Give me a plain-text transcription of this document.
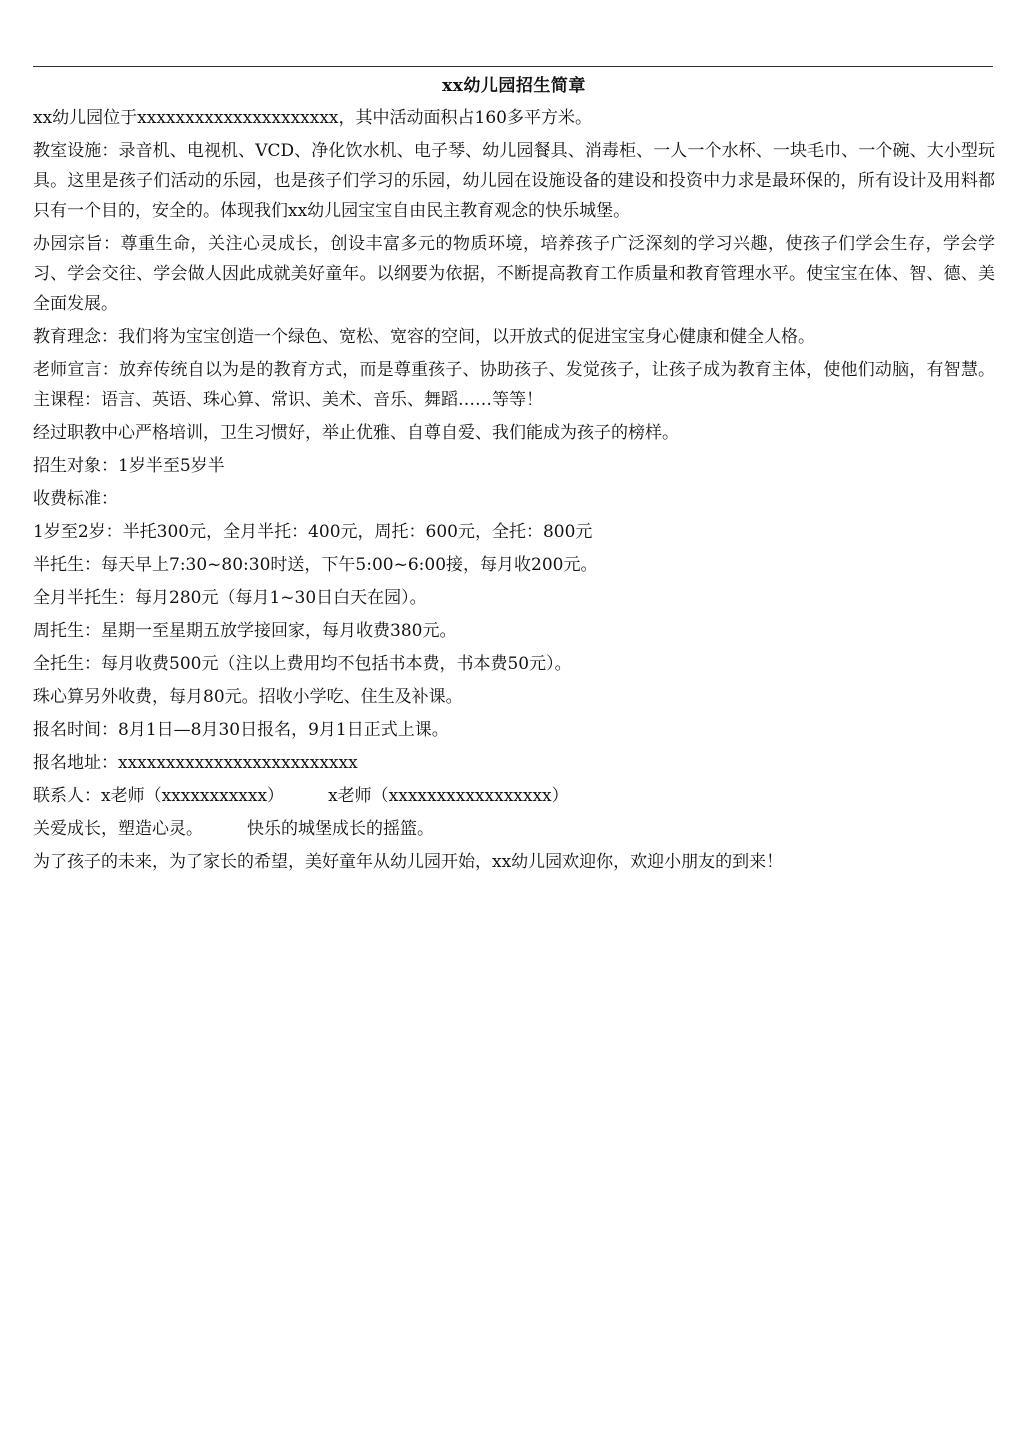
xx幼儿园招生简章

xx幼儿园位于xxxxxxxxxxxxxxxxxxxxx，其中活动面积占160多平方米。

教室设施：录音机、电视机、VCD、净化饮水机、电子琴、幼儿园餐具、消毒柜、一人一个水杯、一块毛巾、一个碗、大小型玩具。这里是孩子们活动的乐园，也是孩子们学习的乐园，幼儿园在设施设备的建设和投资中力求是最环保的，所有设计及用料都只有一个目的，安全的。体现我们xx幼儿园宝宝自由民主教育观念的快乐城堡。

办园宗旨：尊重生命，关注心灵成长，创设丰富多元的物质环境，培养孩子广泛深刻的学习兴趣，使孩子们学会生存，学会学习、学会交往、学会做人因此成就美好童年。以纲要为依据，不断提高教育工作质量和教育管理水平。使宝宝在体、智、德、美全面发展。

教育理念：我们将为宝宝创造一个绿色、宽松、宽容的空间，以开放式的促进宝宝身心健康和健全人格。

老师宣言：放弃传统自以为是的教育方式，而是尊重孩子、协助孩子、发觉孩子，让孩子成为教育主体，使他们动脑，有智慧。主课程：语言、英语、珠心算、常识、美术、音乐、舞蹈……等等！

经过职教中心严格培训，卫生习惯好，举止优雅、自尊自爱、我们能成为孩子的榜样。

招生对象：1岁半至5岁半

收费标准：

1岁至2岁：半托300元，全月半托：400元，周托：600元，全托：800元

半托生：每天早上7:30~80:30时送，下午5:00~6:00接，每月收200元。

全月半托生：每月280元（每月1~30日白天在园）。

周托生：星期一至星期五放学接回家，每月收费380元。

全托生：每月收费500元（注以上费用均不包括书本费，书本费50元）。

珠心算另外收费，每月80元。招收小学吃、住生及补课。

报名时间：8月1日—8月30日报名，9月1日正式上课。

报名地址：xxxxxxxxxxxxxxxxxxxxxxxxx

联系人：x老师（xxxxxxxxxxx）	x老师（xxxxxxxxxxxxxxxxx）

关爱成长，塑造心灵。	快乐的城堡成长的摇篮。

为了孩子的未来，为了家长的希望，美好童年从幼儿园开始，xx幼儿园欢迎你，欢迎小朋友的到来！
